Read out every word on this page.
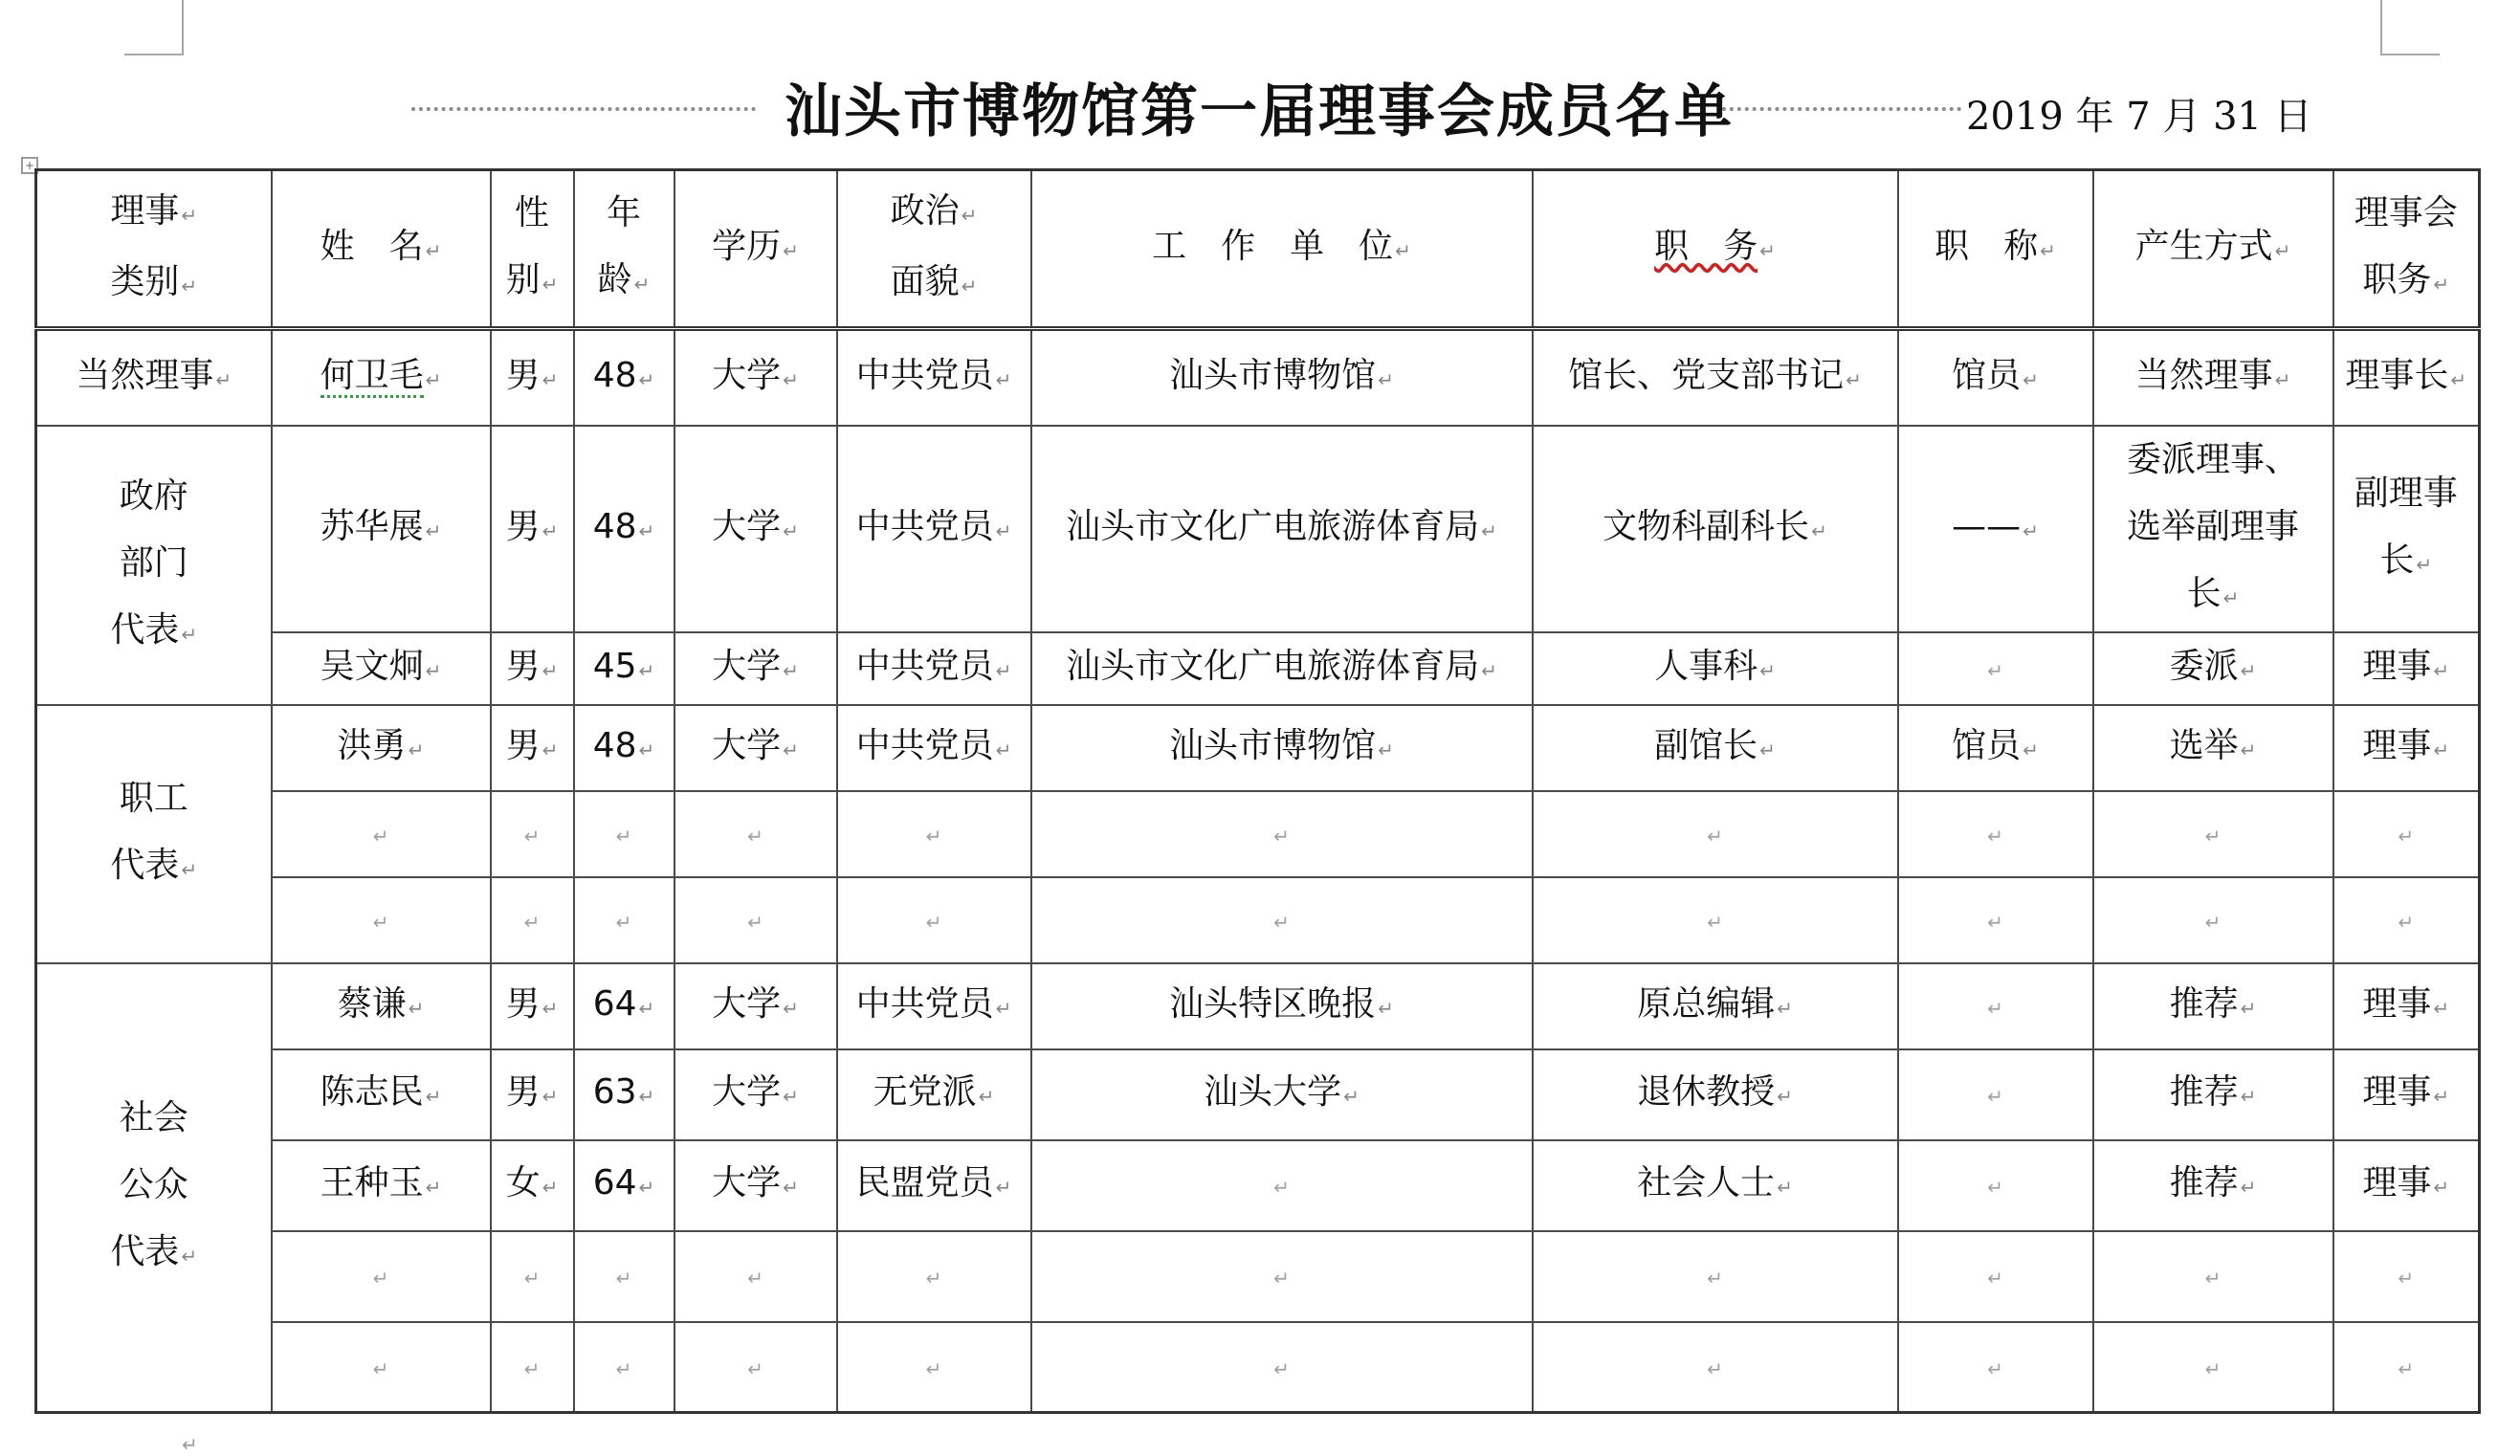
汕头市博物馆第一届理事会成员名单	2019 年 7 月 31 日
+
理事 ↵
类别 ↵	姓　名 ↵	性
别 ↵	年
龄 ↵	学历 ↵	政治 ↵
面貌 ↵	工　作　单　位 ↵	职　务 ↵	职　称 ↵	产生方式 ↵	理事会
职务 ↵
当然理事 ↵	何卫毛 ↵	男 ↵	48 ↵	大学 ↵	中共党员 ↵	汕头市博物馆 ↵	馆长、党支部书记 ↵	馆员 ↵	当然理事 ↵	理事长 ↵
政府
部门
代表 ↵	苏华展 ↵	男 ↵	48 ↵	大学 ↵	中共党员 ↵	汕头市文化广电旅游体育局 ↵	文物科副科长 ↵	—— ↵	委派理事、
选举副理事
长 ↵	副理事
长 ↵
	吴文炯 ↵	男 ↵	45 ↵	大学 ↵	中共党员 ↵	汕头市文化广电旅游体育局 ↵	人事科 ↵	↵	委派 ↵	理事 ↵
职工
代表 ↵	洪勇 ↵	男 ↵	48 ↵	大学 ↵	中共党员 ↵	汕头市博物馆 ↵	副馆长 ↵	馆员 ↵	选举 ↵	理事 ↵
	↵	↵	↵	↵	↵	↵	↵	↵	↵	↵
	↵	↵	↵	↵	↵	↵	↵	↵	↵	↵
社会
公众
代表 ↵	蔡谦 ↵	男 ↵	64 ↵	大学 ↵	中共党员 ↵	汕头特区晚报 ↵	原总编辑 ↵	↵	推荐 ↵	理事 ↵
	陈志民 ↵	男 ↵	63 ↵	大学 ↵	无党派 ↵	汕头大学 ↵	退休教授 ↵	↵	推荐 ↵	理事 ↵
	王种玉 ↵	女 ↵	64 ↵	大学 ↵	民盟党员 ↵	↵	社会人士 ↵	↵	推荐 ↵	理事 ↵
	↵	↵	↵	↵	↵	↵	↵	↵	↵	↵
	↵	↵	↵	↵	↵	↵	↵	↵	↵	↵
↵
